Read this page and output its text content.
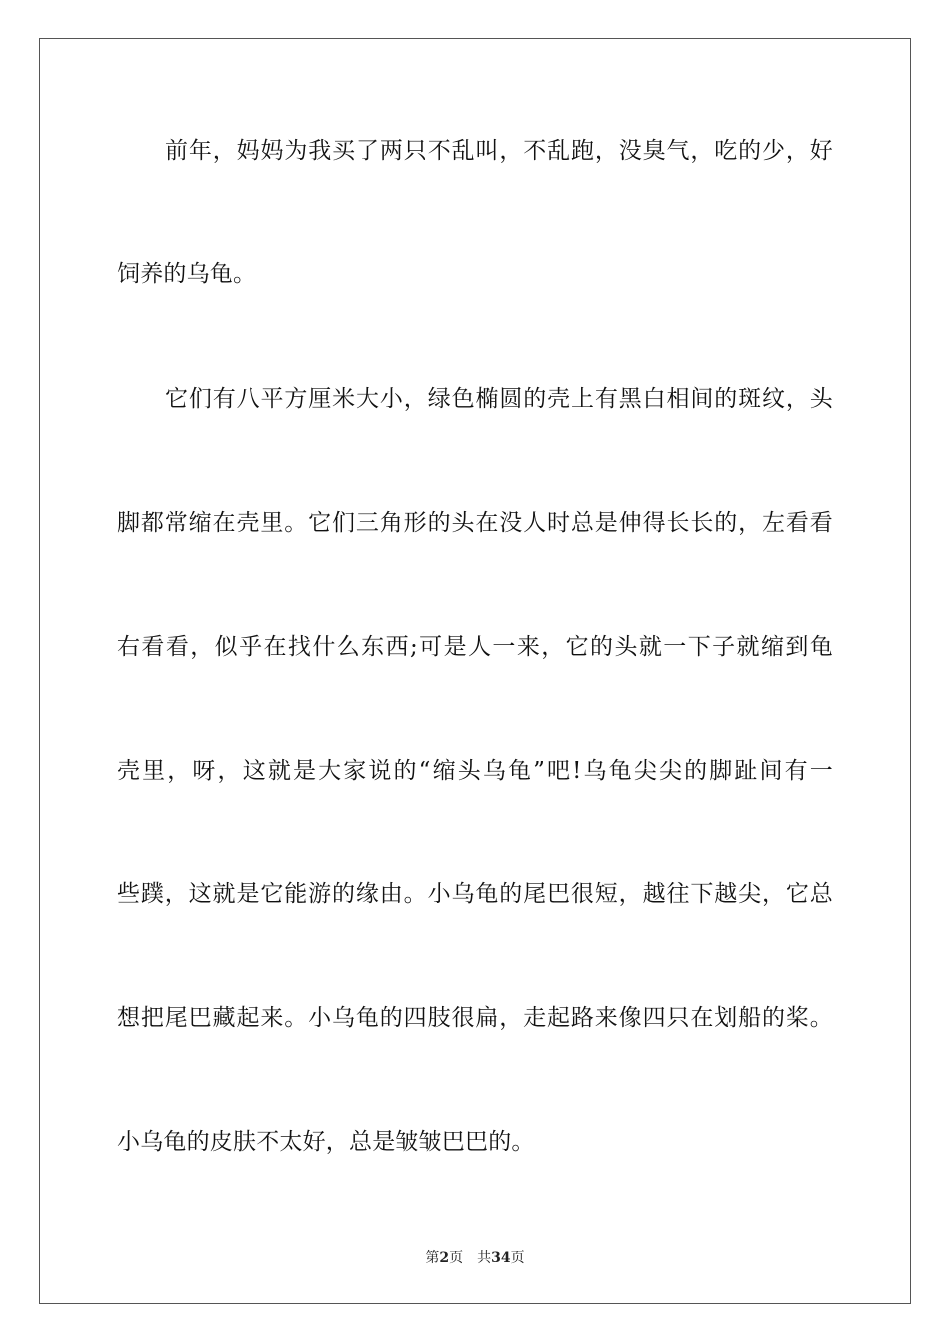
前年，妈妈为我买了两只不乱叫，不乱跑，没臭气，吃的少，好
饲养的乌龟。
它们有八平方厘米大小，绿色椭圆的壳上有黑白相间的斑纹，头
脚都常缩在壳里。它们三角形的头在没人时总是伸得长长的，左看看
右看看，似乎在找什么东西;可是人一来，它的头就一下子就缩到龟
壳里，呀，这就是大家说的“缩头乌龟”吧!乌龟尖尖的脚趾间有一
些蹼，这就是它能游的缘由。小乌龟的尾巴很短，越往下越尖，它总
想把尾巴藏起来。小乌龟的四肢很扁，走起路来像四只在划船的桨。
小乌龟的皮肤不太好，总是皱皱巴巴的。
第2页 共34页
